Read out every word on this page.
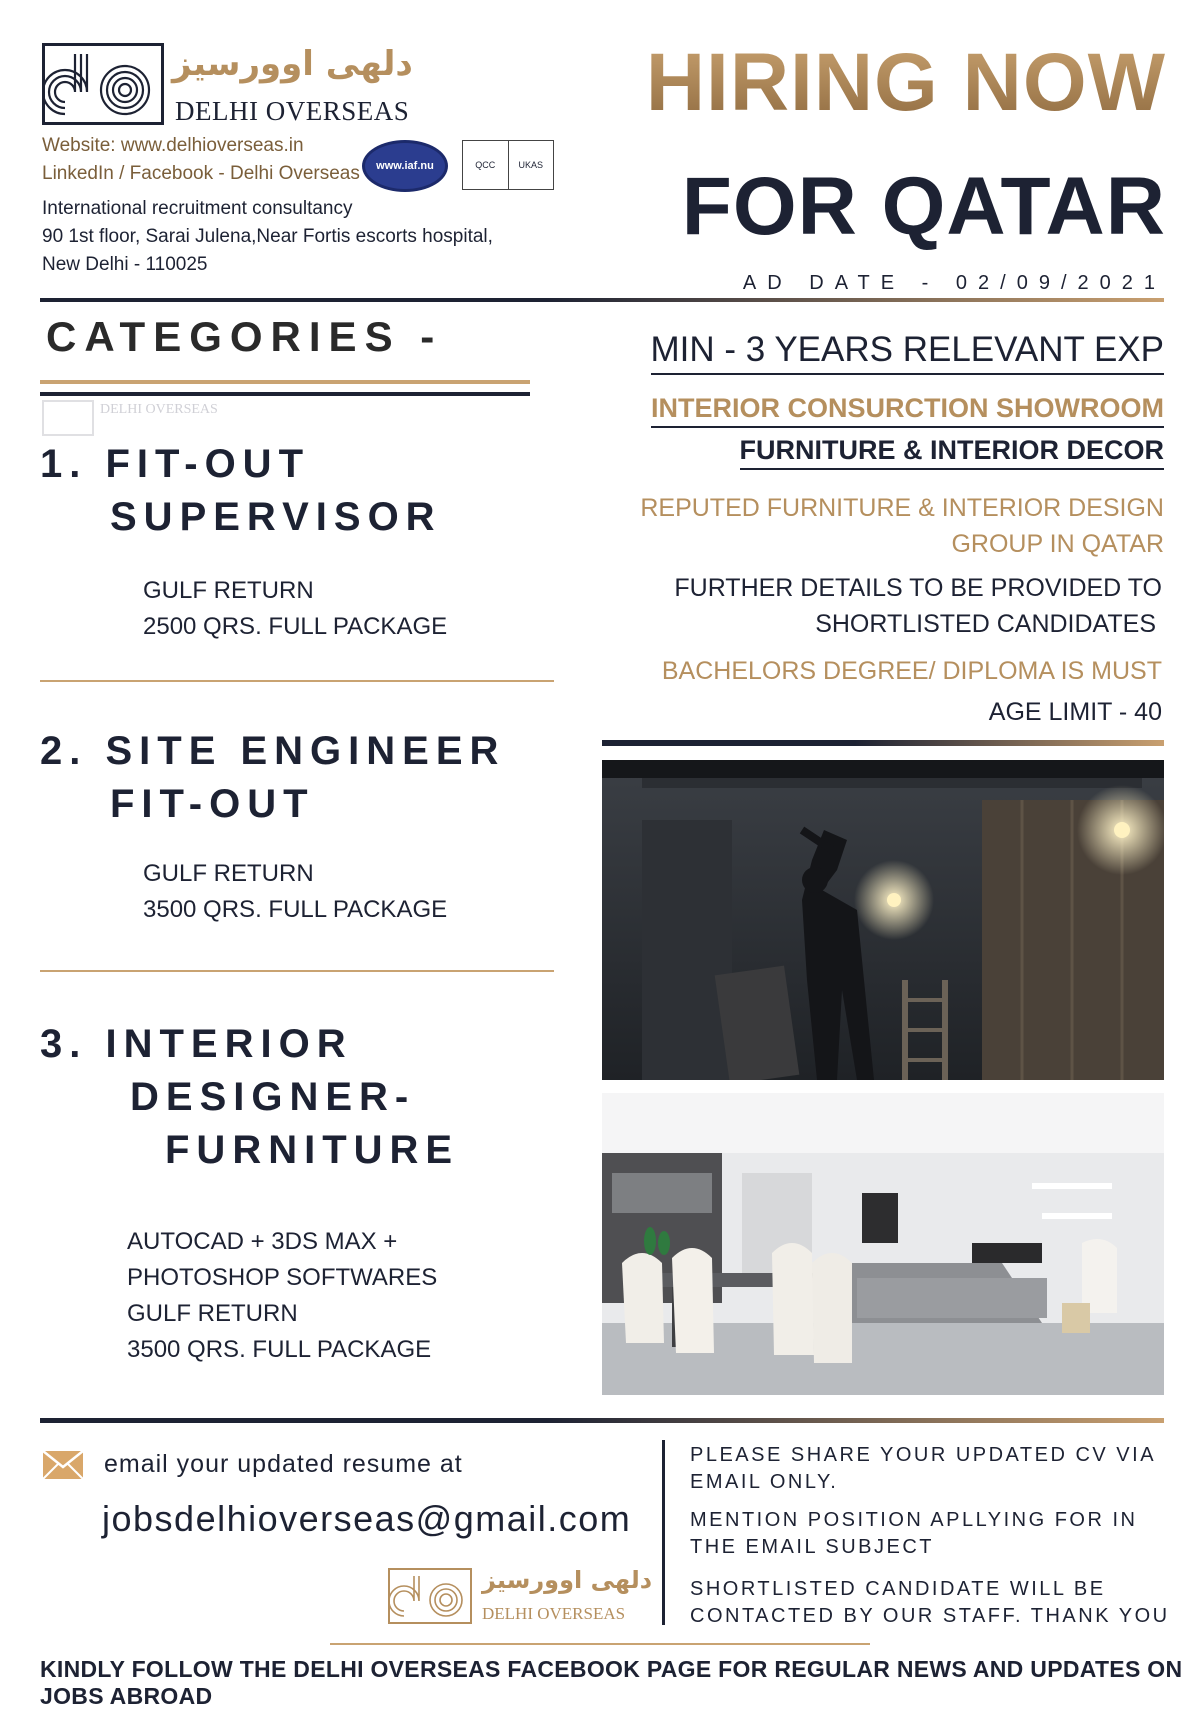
دلهی اوورسیز
DELHI OVERSEAS
Website: www.delhioverseas.in
LinkedIn / Facebook - Delhi Overseas
International recruitment consultancy
90 1st floor, Sarai Julena,Near Fortis escorts hospital,
New Delhi - 110025
www.iaf.nu	QCC	UKAS
HIRING NOW
FOR QATAR
AD DATE - 02/09/2021
CATEGORIES -
DELHI OVERSEAS
1. FIT-OUT
SUPERVISOR
GULF RETURN
2500 QRS. FULL PACKAGE
2. SITE ENGINEER
FIT-OUT
GULF RETURN
3500 QRS. FULL PACKAGE
3. INTERIOR
DESIGNER-
FURNITURE
AUTOCAD + 3DS MAX +
PHOTOSHOP SOFTWARES
GULF RETURN
3500 QRS. FULL PACKAGE
MIN - 3 YEARS RELEVANT EXP
INTERIOR CONSURCTION SHOWROOM
FURNITURE & INTERIOR DECOR
REPUTED FURNITURE & INTERIOR DESIGN
GROUP IN QATAR
FURTHER DETAILS TO BE PROVIDED TO
SHORTLISTED CANDIDATES
BACHELORS DEGREE/ DIPLOMA IS MUST
AGE LIMIT - 40
email your updated resume at
jobsdelhioverseas@gmail.com
دلهی اوورسیز
DELHI OVERSEAS
PLEASE SHARE YOUR UPDATED CV VIA
EMAIL ONLY.
MENTION POSITION APLLYING FOR IN
THE EMAIL SUBJECT
SHORTLISTED CANDIDATE WILL BE
CONTACTED BY OUR STAFF. THANK YOU
KINDLY FOLLOW THE DELHI OVERSEAS FACEBOOK PAGE FOR REGULAR NEWS AND UPDATES ON JOBS ABROAD
